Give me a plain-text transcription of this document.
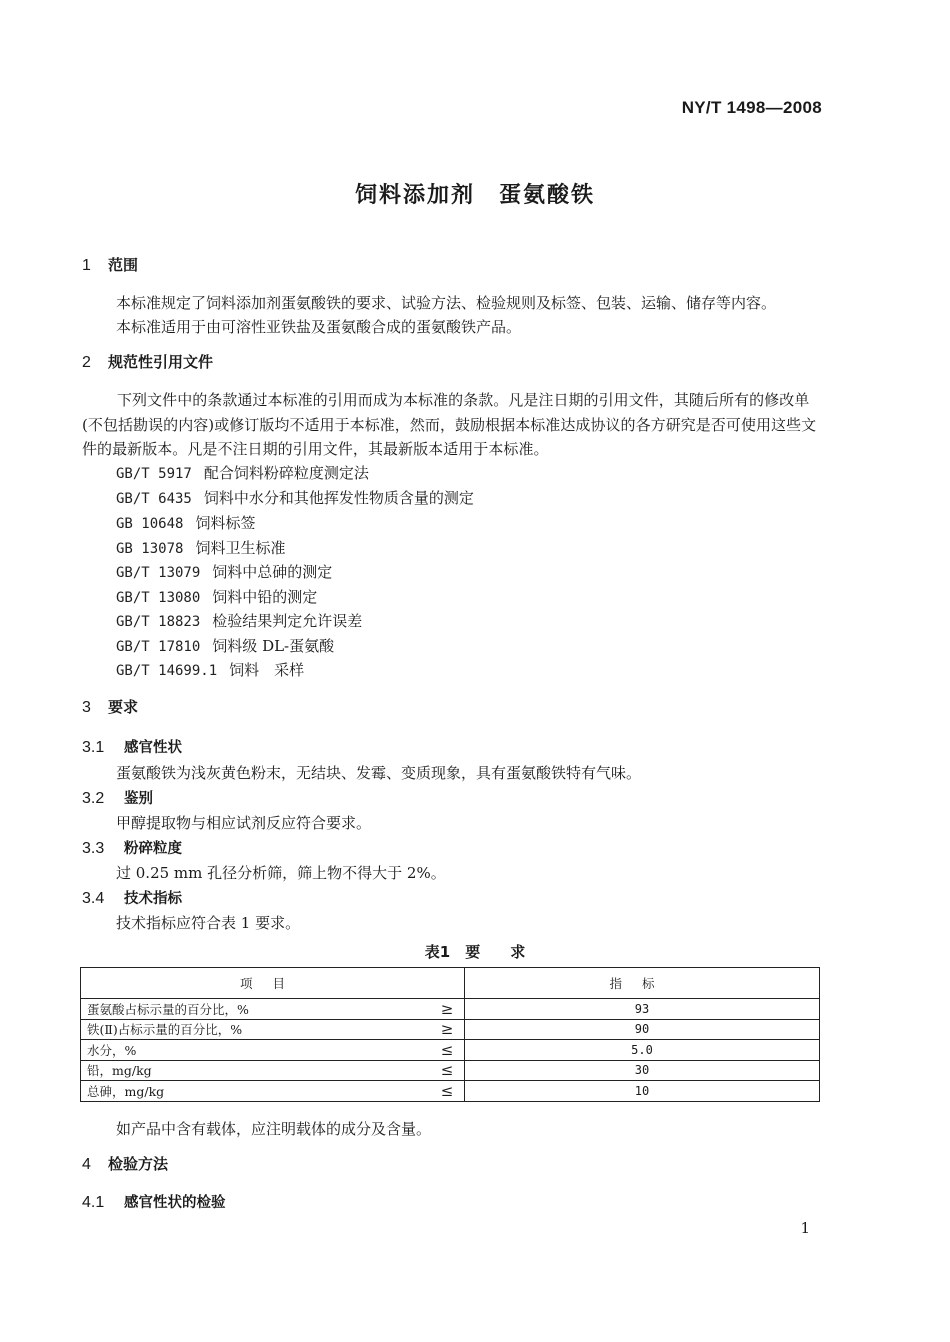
NY/T 1498—2008
饲料添加剂　蛋氨酸铁
1 范围
本标准规定了饲料添加剂蛋氨酸铁的要求、试验方法、检验规则及标签、包装、运输、储存等内容。
本标准适用于由可溶性亚铁盐及蛋氨酸合成的蛋氨酸铁产品。
2 规范性引用文件
下列文件中的条款通过本标准的引用而成为本标准的条款。凡是注日期的引用文件，其随后所有的修改单(不包括勘误的内容)或修订版均不适用于本标准，然而，鼓励根据本标准达成协议的各方研究是否可使用这些文件的最新版本。凡是不注日期的引用文件，其最新版本适用于本标准。
GB/T 5917 配合饲料粉碎粒度测定法
GB/T 6435 饲料中水分和其他挥发性物质含量的测定
GB 10648 饲料标签
GB 13078 饲料卫生标准
GB/T 13079 饲料中总砷的测定
GB/T 13080 饲料中铅的测定
GB/T 18823 检验结果判定允许误差
GB/T 17810 饲料级 DL-蛋氨酸
GB/T 14699.1 饲料　采样
3 要求
3.1 感官性状
蛋氨酸铁为浅灰黄色粉末，无结块、发霉、变质现象，具有蛋氨酸铁特有气味。
3.2 鉴别
甲醇提取物与相应试剂反应符合要求。
3.3 粉碎粒度
过 0.25 mm 孔径分析筛，筛上物不得大于 2%。
3.4 技术指标
技术指标应符合表 1 要求。
表1　要　　求
项目		指标
蛋氨酸占标示量的百分比，%	≥	93
铁(Ⅱ)占标示量的百分比，%	≥	90
水分，%	≤	5.0
铅，mg/kg	≤	30
总砷，mg/kg	≤	10
如产品中含有载体，应注明载体的成分及含量。
4 检验方法
4.1 感官性状的检验
1
